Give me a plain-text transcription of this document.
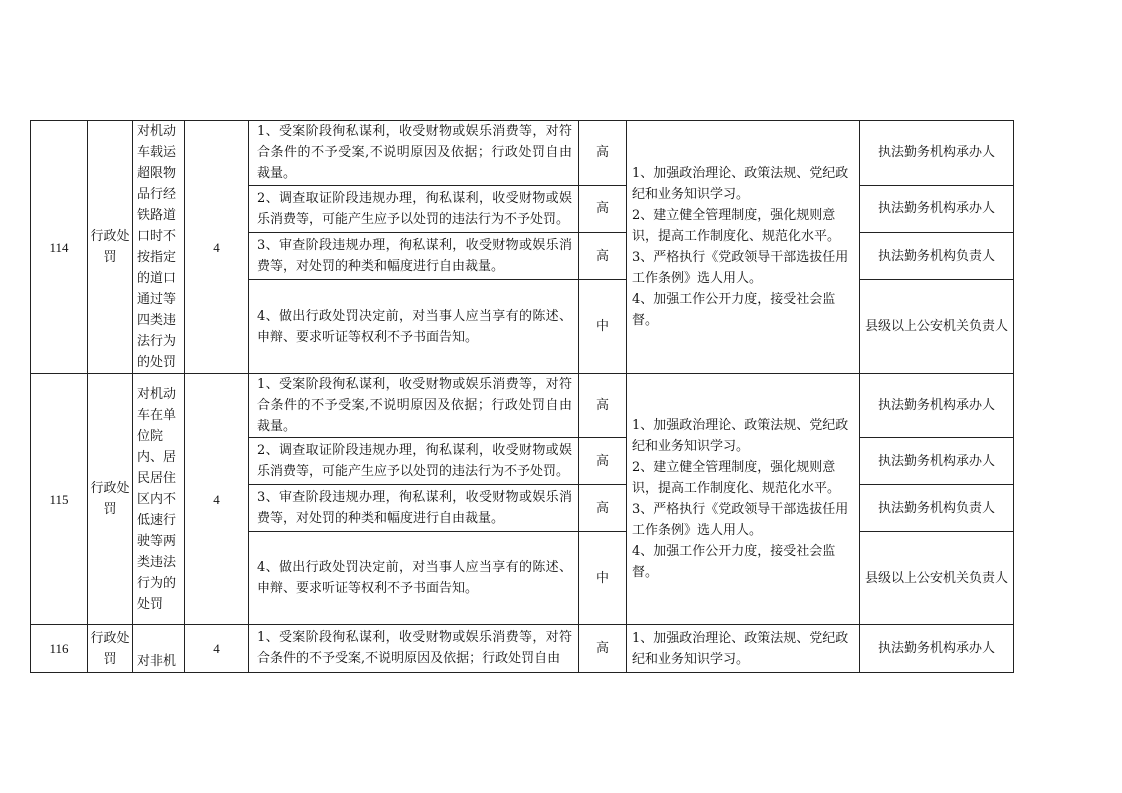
114	行政处罚	对机动车载运超限物品行经铁路道口时不按指定的道口通过等四类违法行为的处罚	4	1、受案阶段徇私谋利，收受财物或娱乐消费等，对符合条件的不予受案,不说明原因及依据；行政处罚自由裁量。	高	1、加强政治理论、政策法规、党纪政纪和业务知识学习。
2、建立健全管理制度，强化规则意识，提高工作制度化、规范化水平。
3、严格执行《党政领导干部选拔任用工作条例》选人用人。
4、加强工作公开力度，接受社会监督。	执法勤务机构承办人
				2、调查取证阶段违规办理，徇私谋利，收受财物或娱乐消费等，可能产生应予以处罚的违法行为不予处罚。	高		执法勤务机构承办人
				3、审查阶段违规办理，徇私谋利，收受财物或娱乐消费等，对处罚的种类和幅度进行自由裁量。	高		执法勤务机构负责人
				4、做出行政处罚决定前，对当事人应当享有的陈述、申辩、要求听证等权利不予书面告知。	中		县级以上公安机关负责人
115	行政处罚	对机动车在单位院内、居民居住区内不低速行驶等两类违法行为的处罚	4	1、受案阶段徇私谋利，收受财物或娱乐消费等，对符合条件的不予受案,不说明原因及依据；行政处罚自由裁量。	高	1、加强政治理论、政策法规、党纪政纪和业务知识学习。
2、建立健全管理制度，强化规则意识，提高工作制度化、规范化水平。
3、严格执行《党政领导干部选拔任用工作条例》选人用人。
4、加强工作公开力度，接受社会监督。	执法勤务机构承办人
				2、调查取证阶段违规办理，徇私谋利，收受财物或娱乐消费等，可能产生应予以处罚的违法行为不予处罚。	高		执法勤务机构承办人
				3、审查阶段违规办理，徇私谋利，收受财物或娱乐消费等，对处罚的种类和幅度进行自由裁量。	高		执法勤务机构负责人
				4、做出行政处罚决定前，对当事人应当享有的陈述、申辩、要求听证等权利不予书面告知。	中		县级以上公安机关负责人
116	行政处罚	对非机	4	1、受案阶段徇私谋利，收受财物或娱乐消费等，对符合条件的不予受案,不说明原因及依据；行政处罚自由	高	1、加强政治理论、政策法规、党纪政纪和业务知识学习。	执法勤务机构承办人
